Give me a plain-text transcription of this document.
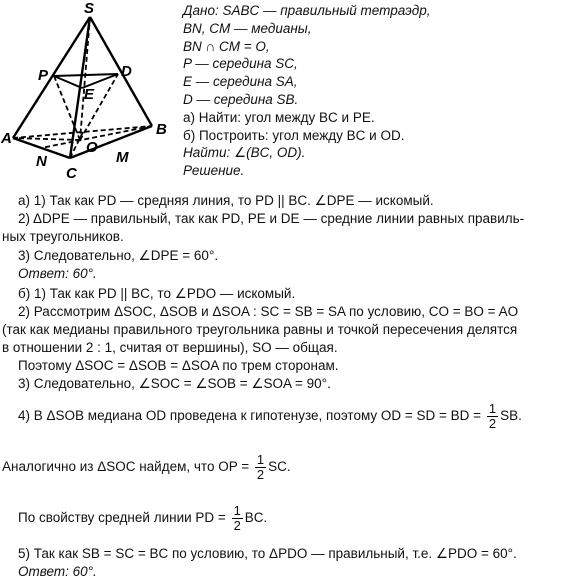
S
P	D
E
A
B
O
N
C
M
Дано: SABC — правильный тетраэдр,
BN, CM — медианы,
BN ∩ CM = O,
P — середина SC,
E — середина SA,
D — середина SB.
а) Найти: угол между BC и PE.
б) Построить: угол между BC и OD.
Найти: ∠(BC, OD).
Решение.
а) 1) Так как PD — средняя линия, то PD || BC. ∠DPE — искомый.
2) ΔDPE — правильный, так как PD, PE и DE — средние линии равных правиль-
ных треугольников.
3) Следовательно, ∠DPE = 60°.
Ответ: 60°.
б) 1) Так как PD || BC, то ∠PDO — искомый.
2) Рассмотрим ΔSOC, ΔSOB и ΔSOA : SC = SB = SA по условию, CO = BO = AO
(так как медианы правильного треугольника равны и точкой пересечения делятся
в отношении 2 : 1, считая от вершины), SO — общая.
Поэтому ΔSOC = ΔSOB = ΔSOA по трем сторонам.
3) Следовательно, ∠SOC = ∠SOB = ∠SOA = 90°.
4) В ΔSOB медиана OD проведена к гипотенузе, поэтому OD = SD = BD = $\frac{1}{2}$ SB.
Аналогично из ΔSOC найдем, что OP = $\frac{1}{2}$ SC.
По свойству средней линии PD = $\frac{1}{2}$ BC.
5) Так как SB = SC = BC по условию, то ΔPDO — правильный, т.е. ∠PDO = 60°.
Ответ: 60°.
